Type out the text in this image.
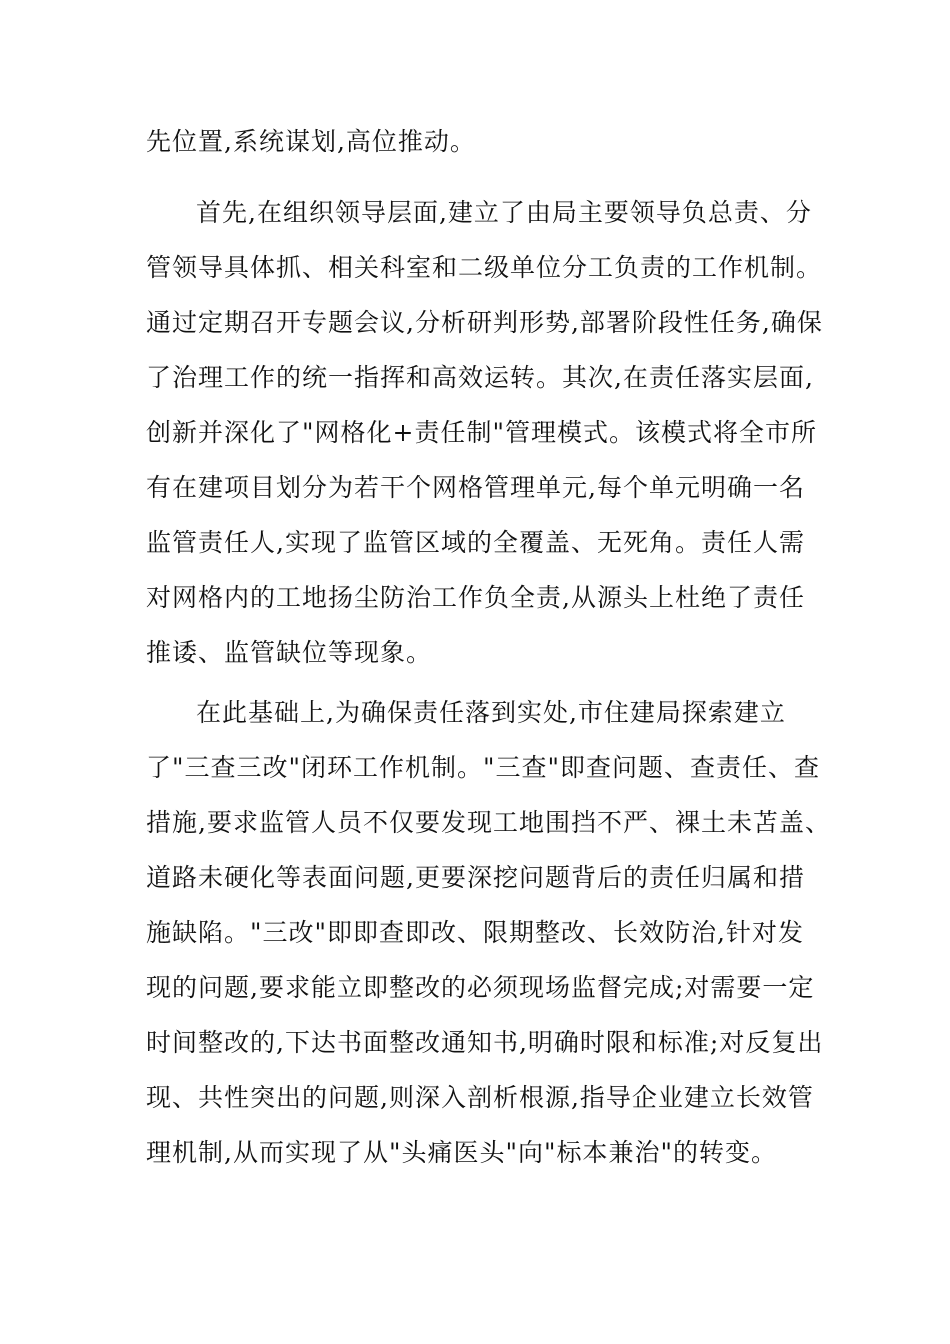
先位置,系统谋划,高位推动。
首先,在组织领导层面,建立了由局主要领导负总责、分
管领导具体抓、相关科室和二级单位分工负责的工作机制。
通过定期召开专题会议,分析研判形势,部署阶段性任务,确保
了治理工作的统一指挥和高效运转。其次,在责任落实层面,
创新并深化了"网格化+责任制"管理模式。该模式将全市所
有在建项目划分为若干个网格管理单元,每个单元明确一名
监管责任人,实现了监管区域的全覆盖、无死角。责任人需
对网格内的工地扬尘防治工作负全责,从源头上杜绝了责任
推诿、监管缺位等现象。
在此基础上,为确保责任落到实处,市住建局探索建立
了"三查三改"闭环工作机制。"三查"即查问题、查责任、查
措施,要求监管人员不仅要发现工地围挡不严、裸土未苫盖、
道路未硬化等表面问题,更要深挖问题背后的责任归属和措
施缺陷。"三改"即即查即改、限期整改、长效防治,针对发
现的问题,要求能立即整改的必须现场监督完成;对需要一定
时间整改的,下达书面整改通知书,明确时限和标准;对反复出
现、共性突出的问题,则深入剖析根源,指导企业建立长效管
理机制,从而实现了从"头痛医头"向"标本兼治"的转变。
